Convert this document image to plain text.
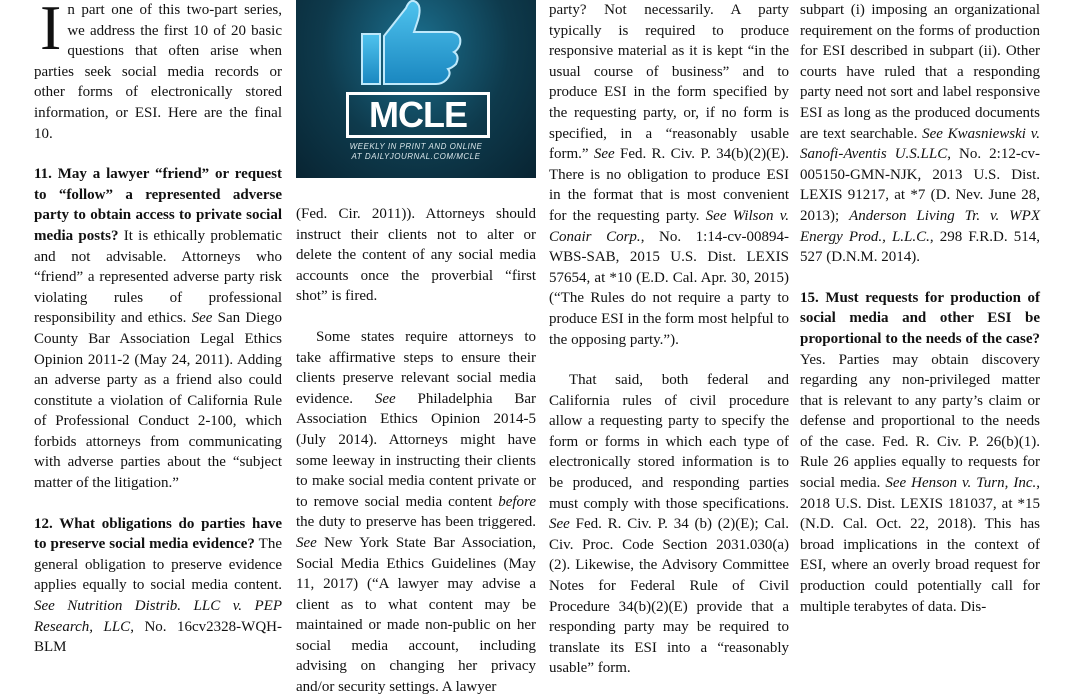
In part one of this two-part series, we address the first 10 of 20 basic questions that often arise when parties seek social media records or other forms of electronically stored information, or ESI. Here are the final 10.

11. May a lawyer “friend” or request to “follow” a represented adverse party to obtain access to private social media posts? It is ethically problematic and not advisable. Attorneys who “friend” a represented adverse party risk violating rules of professional responsibility and ethics. See San Diego County Bar Association Legal Ethics Opinion 2011-2 (May 24, 2011). Adding an adverse party as a friend also could constitute a violation of California Rule of Professional Conduct 2-100, which forbids attorneys from communicating with adverse parties about the “subject matter of the litigation.”

12. What obligations do parties have to preserve social media evidence? The general obligation to preserve evidence applies equally to social media content. See Nutrition Distrib. LLC v. PEP Research, LLC, No. 16cv2328-WQH-BLM

MCLE
WEEKLY IN PRINT AND ONLINE
AT DAILYJOURNAL.COM/MCLE

(Fed. Cir. 2011)). Attorneys should instruct their clients not to alter or delete the content of any social media accounts once the proverbial “first shot” is fired.

Some states require attorneys to take affirmative steps to ensure their clients preserve relevant social media evidence. See Philadelphia Bar Association Ethics Opinion 2014-5 (July 2014). Attorneys might have some leeway in instructing their clients to make social media content private or to remove social media content before the duty to preserve has been triggered. See New York State Bar Association, Social Media Ethics Guidelines (May 11, 2017) (“A lawyer may advise a client as to what content may be maintained or made non-public on her social media account, including advising on changing her privacy and/or security settings. A lawyer

party? Not necessarily. A party typically is required to produce responsive material as it is kept “in the usual course of business” and to produce ESI in the form specified by the requesting party, or, if no form is specified, in a “reasonably usable form.” See Fed. R. Civ. P. 34(b)(2)(E). There is no obligation to produce ESI in the format that is most convenient for the requesting party. See Wilson v. Conair Corp., No. 1:14-cv-00894-WBS-SAB, 2015 U.S. Dist. LEXIS 57654, at *10 (E.D. Cal. Apr. 30, 2015) (“The Rules do not require a party to produce ESI in the form most helpful to the opposing party.”).

That said, both federal and California rules of civil procedure allow a requesting party to specify the form or forms in which each type of electronically stored information is to be produced, and responding parties must comply with those specifications. See Fed. R. Civ. P. 34 (b) (2)(E); Cal. Civ. Proc. Code Section 2031.030(a)(2). Likewise, the Advisory Committee Notes for Federal Rule of Civil Procedure 34(b)(2)(E) provide that a responding party may be required to translate its ESI into a “reasonably usable” form.

subpart (i) imposing an organizational requirement on the forms of production for ESI described in subpart (ii). Other courts have ruled that a responding party need not sort and label responsive ESI as long as the produced documents are text searchable. See Kwasniewski v. Sanofi-Aventis U.S.LLC, No. 2:12-cv-005150-GMN-NJK, 2013 U.S. Dist. LEXIS 91217, at *7 (D. Nev. June 28, 2013); Anderson Living Tr. v. WPX Energy Prod., L.L.C., 298 F.R.D. 514, 527 (D.N.M. 2014).

15. Must requests for production of social media and other ESI be proportional to the needs of the case? Yes. Parties may obtain discovery regarding any non-privileged matter that is relevant to any party’s claim or defense and proportional to the needs of the case. Fed. R. Civ. P. 26(b)(1). Rule 26 applies equally to requests for social media. See Henson v. Turn, Inc., 2018 U.S. Dist. LEXIS 181037, at *15 (N.D. Cal. Oct. 22, 2018). This has broad implications in the context of ESI, where an overly broad request for production could potentially call for multiple terabytes of data. Dis-
